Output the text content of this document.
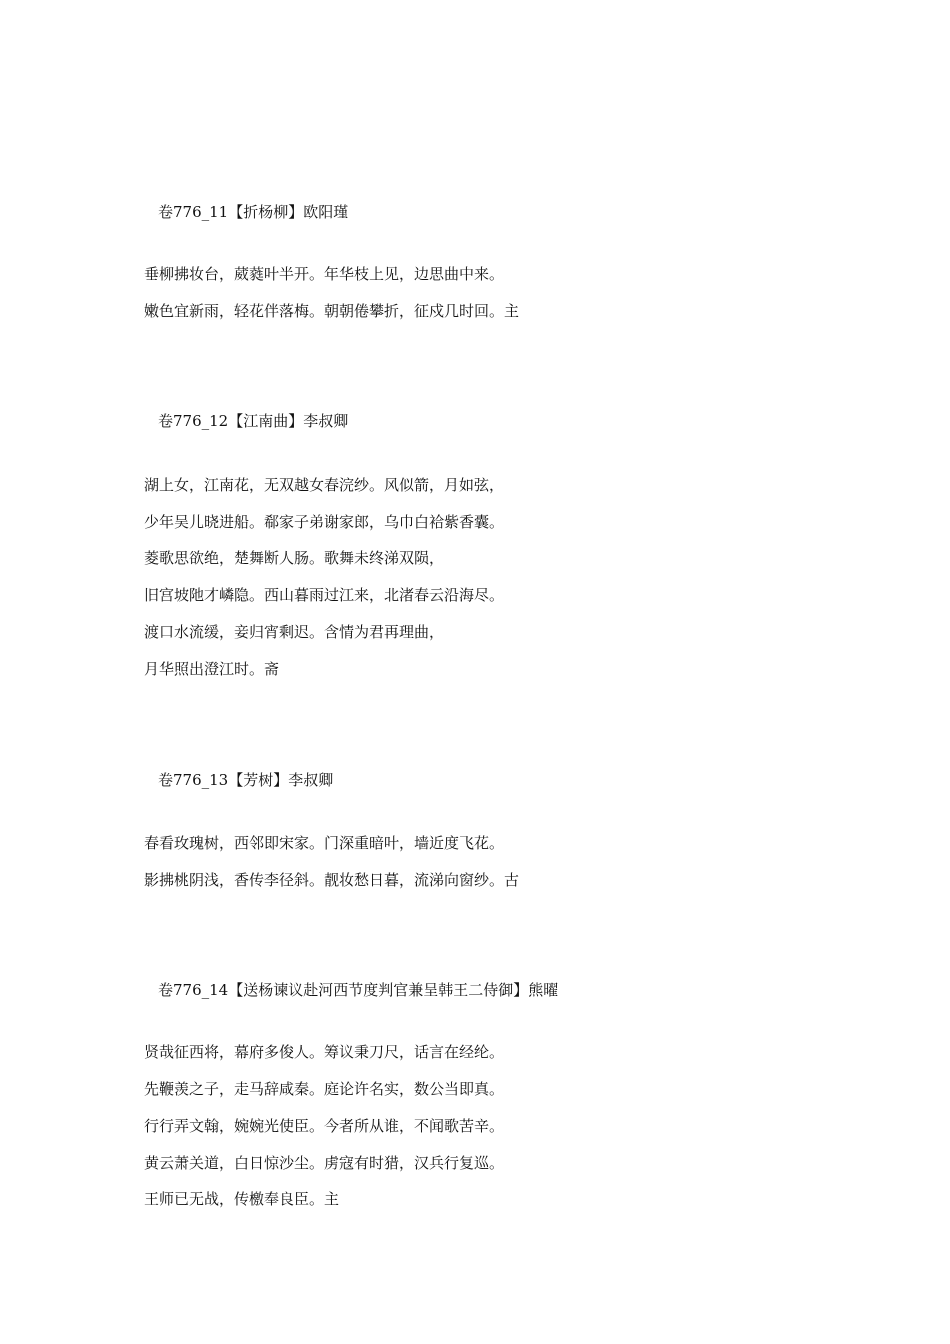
卷776_11【折杨柳】欧阳瑾
垂柳拂妆台，葳蕤叶半开。年华枝上见，边思曲中来。
嫩色宜新雨，轻花伴落梅。朝朝倦攀折，征戍几时回。主
卷776_12【江南曲】李叔卿
湖上女，江南花，无双越女春浣纱。风似箭，月如弦，
少年吴儿晓进船。郗家子弟谢家郎，乌巾白袷紫香囊。
菱歌思欲绝，楚舞断人肠。歌舞未终涕双陨，
旧宫坡阤才嶙隐。西山暮雨过江来，北渚春云沿海尽。
渡口水流缓，妾归宵剩迟。含情为君再理曲，
月华照出澄江时。斋
卷776_13【芳树】李叔卿
春看玫瑰树，西邻即宋家。门深重暗叶，墙近度飞花。
影拂桃阴浅，香传李径斜。靓妆愁日暮，流涕向窗纱。古
卷776_14【送杨谏议赴河西节度判官兼呈韩王二侍御】熊曜
贤哉征西将，幕府多俊人。筹议秉刀尺，话言在经纶。
先鞭羡之子，走马辞咸秦。庭论许名实，数公当即真。
行行弄文翰，婉婉光使臣。今者所从谁，不闻歌苦辛。
黄云萧关道，白日惊沙尘。虏寇有时猎，汉兵行复巡。
王师已无战，传檄奉良臣。主
